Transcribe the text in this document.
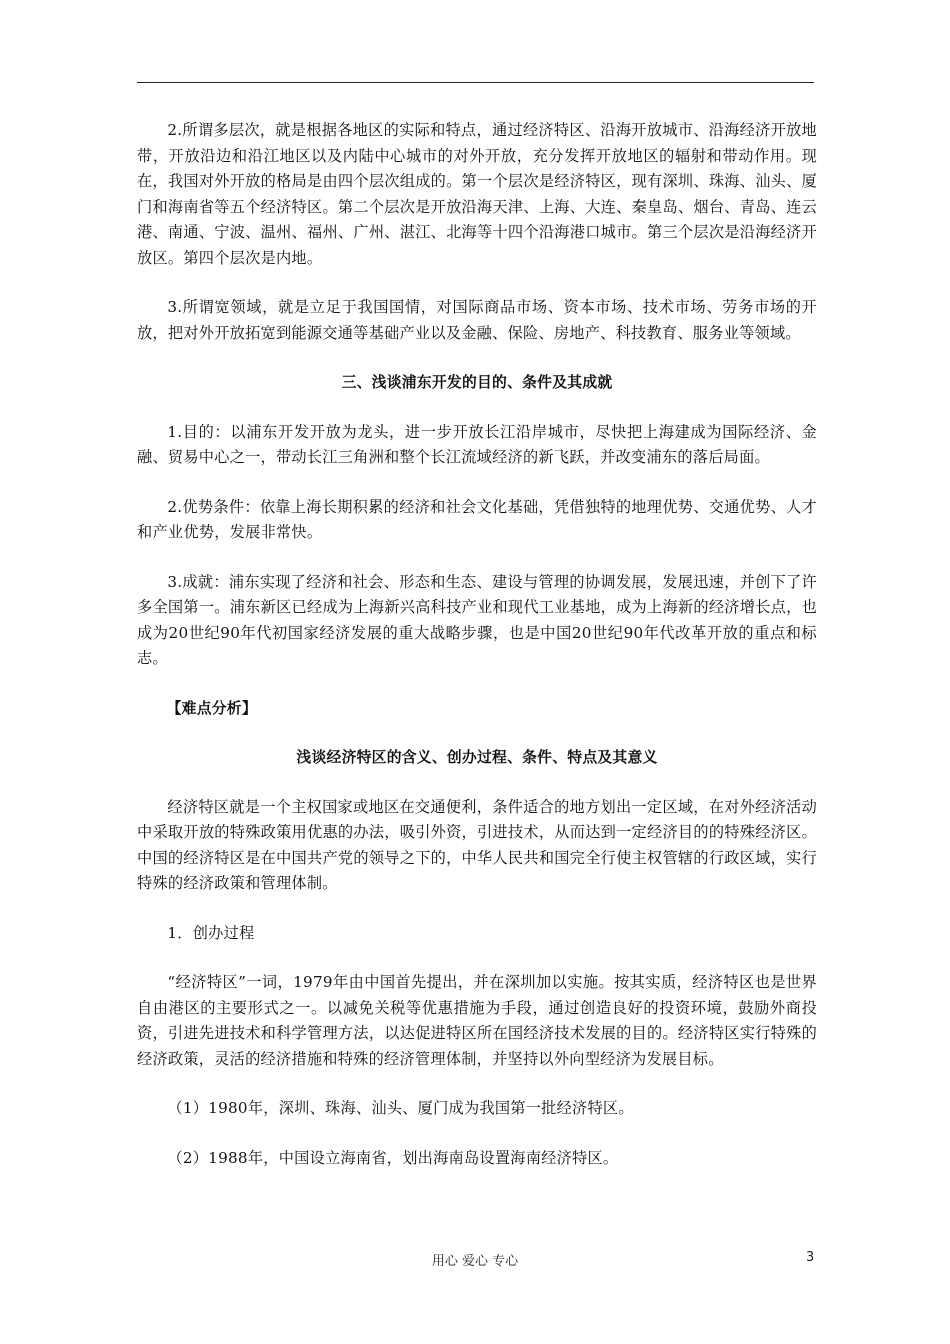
2.所谓多层次，就是根据各地区的实际和特点，通过经济特区、沿海开放城市、沿海经济开放地带，开放沿边和沿江地区以及内陆中心城市的对外开放，充分发挥开放地区的辐射和带动作用。现在，我国对外开放的格局是由四个层次组成的。第一个层次是经济特区，现有深圳、珠海、汕头、厦门和海南省等五个经济特区。第二个层次是开放沿海天津、上海、大连、秦皇岛、烟台、青岛、连云港、南通、宁波、温州、福州、广州、湛江、北海等十四个沿海港口城市。第三个层次是沿海经济开放区。第四个层次是内地。

3.所谓宽领域，就是立足于我国国情，对国际商品市场、资本市场、技术市场、劳务市场的开放，把对外开放拓宽到能源交通等基础产业以及金融、保险、房地产、科技教育、服务业等领域。

三、浅谈浦东开发的目的、条件及其成就

1.目的：以浦东开发开放为龙头，进一步开放长江沿岸城市，尽快把上海建成为国际经济、金融、贸易中心之一，带动长江三角洲和整个长江流域经济的新飞跃，并改变浦东的落后局面。

2.优势条件：依靠上海长期积累的经济和社会文化基础，凭借独特的地理优势、交通优势、人才和产业优势，发展非常快。

3.成就：浦东实现了经济和社会、形态和生态、建设与管理的协调发展，发展迅速，并创下了许多全国第一。浦东新区已经成为上海新兴高科技产业和现代工业基地，成为上海新的经济增长点，也成为20世纪90年代初国家经济发展的重大战略步骤，也是中国20世纪90年代改革开放的重点和标志。

【难点分析】

浅谈经济特区的含义、创办过程、条件、特点及其意义

经济特区就是一个主权国家或地区在交通便利，条件适合的地方划出一定区域，在对外经济活动中采取开放的特殊政策用优惠的办法，吸引外资，引进技术，从而达到一定经济目的的特殊经济区。中国的经济特区是在中国共产党的领导之下的，中华人民共和国完全行使主权管辖的行政区域，实行特殊的经济政策和管理体制。

1．创办过程

“经济特区”一词，1979年由中国首先提出，并在深圳加以实施。按其实质，经济特区也是世界自由港区的主要形式之一。以减免关税等优惠措施为手段，通过创造良好的投资环境，鼓励外商投资，引进先进技术和科学管理方法，以达促进特区所在国经济技术发展的目的。经济特区实行特殊的经济政策，灵活的经济措施和特殊的经济管理体制，并坚持以外向型经济为发展目标。

（1）1980年，深圳、珠海、汕头、厦门成为我国第一批经济特区。

（2）1988年，中国设立海南省，划出海南岛设置海南经济特区。

用心 爱心 专心	3
